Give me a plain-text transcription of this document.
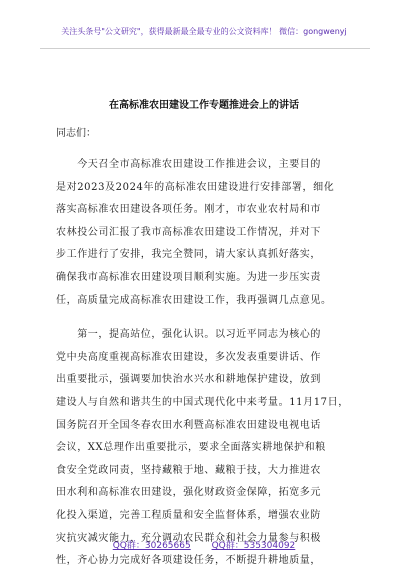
关注头条号"公文研究"，获得最新最全最专业的公文资料库！ 微信：gongwenyj
在高标准农田建设工作专题推进会上的讲话
同志们：
　　今天召全市高标准农田建设工作推进会议，主要目的
是对2023及2024年的高标准农田建设进行安排部署，细化
落实高标准农田建设各项任务。刚才，市农业农村局和市
农林投公司汇报了我市高标准农田建设工作情况，并对下
步工作进行了安排，我完全赞同，请大家认真抓好落实，
确保我市高标准农田建设项目顺利实施。为进一步压实责
任，高质量完成高标准农田建设工作，我再强调几点意见。
　　第一，提高站位，强化认识。以习近平同志为核心的
党中央高度重视高标准农田建设，多次发表重要讲话、作
出重要批示，强调要加快治水兴水和耕地保护建设，放到
建设人与自然和谐共生的中国式现代化中来考量。11月17日，
国务院召开全国冬春农田水利暨高标准农田建设电视电话
会议，XX总理作出重要批示，要求全面落实耕地保护和粮
食安全党政同责，坚持藏粮于地、藏粮于技，大力推进农
田水利和高标准农田建设，强化财政资金保障，拓宽多元
化投入渠道，完善工程质量和安全监督体系，增强农业防
灾抗灾减灾能力，充分调动农民群众和社会力量参与积极
性，齐心协力完成好各项建设任务，不断提升耕地质量，
QQ群：30265665 QQ群：535304092
